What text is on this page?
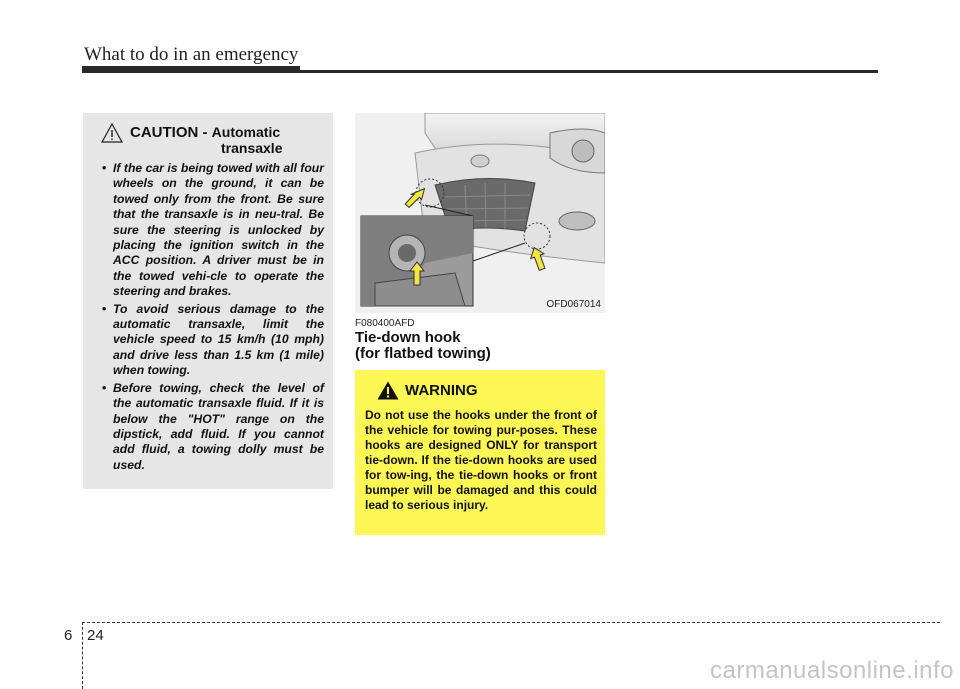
What to do in an emergency
CAUTION - Automatic
transaxle
• If the car is being towed with all four wheels on the ground, it can be towed only from the front. Be sure that the transaxle is in neu-tral. Be sure the steering is unlocked by placing the ignition switch in the ACC position. A driver must be in the towed vehi-cle to operate the steering and brakes.
• To avoid serious damage to the automatic transaxle, limit the vehicle speed to 15 km/h (10 mph) and drive less than 1.5 km (1 mile) when towing.
• Before towing, check the level of the automatic transaxle fluid. If it is below the "HOT" range on the dipstick, add fluid. If you cannot add fluid, a towing dolly must be used.
OFD067014
F080400AFD
Tie-down hook
(for flatbed towing)
WARNING
Do not use the hooks under the front of the vehicle for towing pur-poses. These hooks are designed ONLY for transport tie-down. If the tie-down hooks are used for tow-ing, the tie-down hooks or front bumper will be damaged and this could lead to serious injury.
6 24
carmanualsonline.info
